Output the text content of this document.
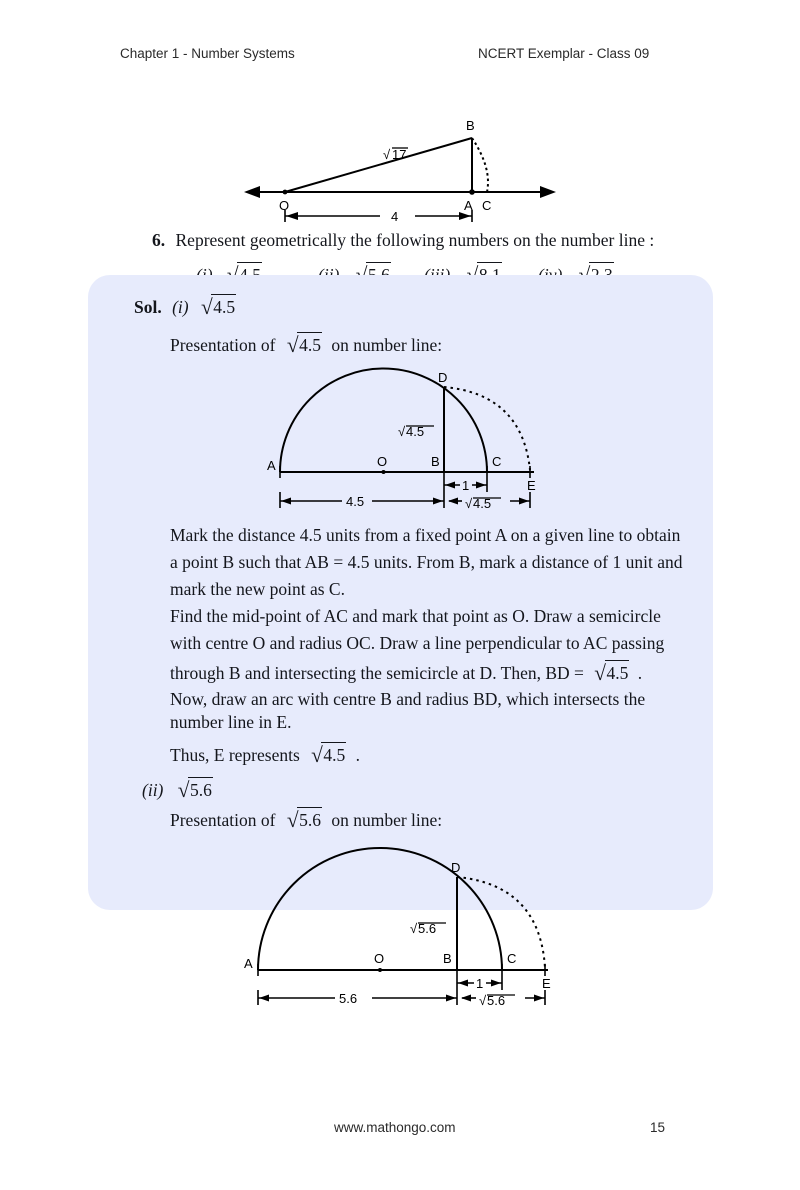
Chapter 1 - Number Systems	NCERT Exemplar - Class 09
O	A C
B
√ 17
4
6. Represent geometrically the following numbers on the number line :
Sol. (i) √4.5
Presentation of √4.5 on number line:
A	O	B	C
E
D
√ 4.5
1
4.5	√ 4.5
Mark the distance 4.5 units from a fixed point A on a given line to obtain
a point B such that AB = 4.5 units. From B, mark a distance of 1 unit and
mark the new point as C.
Find the mid-point of AC and mark that point as O. Draw a semicircle
with centre O and radius OC. Draw a line perpendicular to AC passing
through B and intersecting the semicircle at D. Then, BD = √4.5 .
Now, draw an arc with centre B and radius BD, which intersects the
number line in E.
Thus, E represents √4.5 .
(ii) √5.6
Presentation of √5.6 on number line:
A	O	B	C
E
D
√ 5.6
1
5.6	√ 5.6
www.mathongo.com	15
